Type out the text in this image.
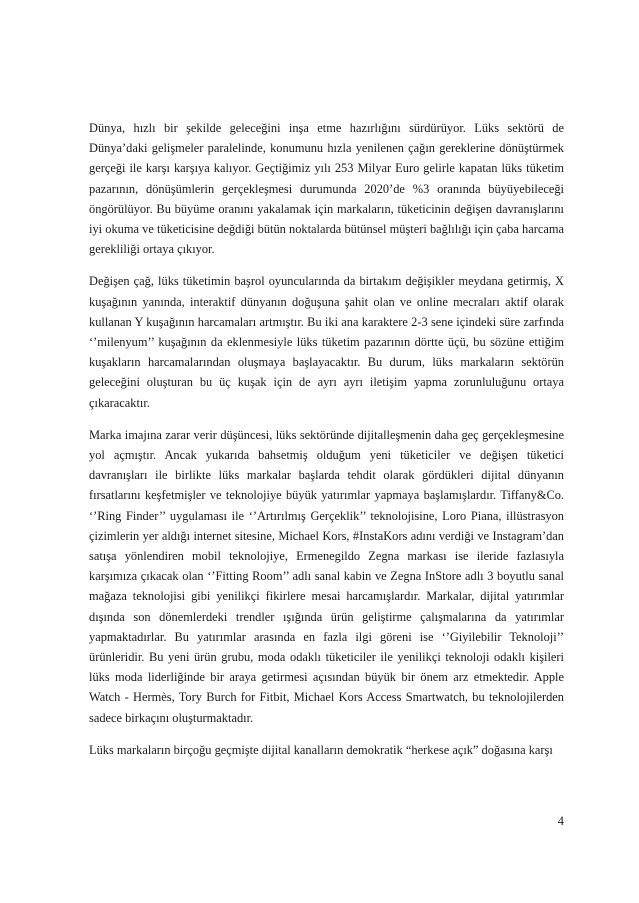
Dünya, hızlı bir şekilde geleceğini inşa etme hazırlığını sürdürüyor. Lüks sektörü de Dünya’daki gelişmeler paralelinde, konumunu hızla yenilenen çağın gereklerine dönüştürmek gerçeği ile karşı karşıya kalıyor. Geçtiğimiz yılı 253 Milyar Euro gelirle kapatan lüks tüketim pazarının, dönüşümlerin gerçekleşmesi durumunda 2020’de %3 oranında büyüyebileceği öngörülüyor. Bu büyüme oranını yakalamak için markaların, tüketicinin değişen davranışlarını iyi okuma ve tüketicisine değdiği bütün noktalarda bütünsel müşteri bağlılığı için çaba harcama gerekliliği ortaya çıkıyor.

Değişen çağ, lüks tüketimin başrol oyuncularında da birtakım değişikler meydana getirmiş, X kuşağının yanında, interaktif dünyanın doğuşuna şahit olan ve online mecraları aktif olarak kullanan Y kuşağının harcamaları artmıştır. Bu iki ana karaktere 2-3 sene içindeki süre zarfında ‘’milenyum’’ kuşağının da eklenmesiyle lüks tüketim pazarının dörtte üçü, bu sözüne ettiğim kuşakların harcamalarından oluşmaya başlayacaktır. Bu durum, lüks markaların sektörün geleceğini oluşturan bu üç kuşak için de ayrı ayrı iletişim yapma zorunluluğunu ortaya çıkaracaktır.

Marka imajına zarar verir düşüncesi, lüks sektöründe dijitalleşmenin daha geç gerçekleşmesine yol açmıştır. Ancak yukarıda bahsetmiş olduğum yeni tüketiciler ve değişen tüketici davranışları ile birlikte lüks markalar başlarda tehdit olarak gördükleri dijital dünyanın fırsatlarını keşfetmişler ve teknolojiye büyük yatırımlar yapmaya başlamışlardır. Tiffany&Co. ‘’Ring Finder’’ uygulaması ile ‘’Artırılmış Gerçeklik’’ teknolojisine, Loro Piana, illüstrasyon çizimlerin yer aldığı internet sitesine, Michael Kors, #InstaKors adını verdiği ve Instagram’dan satışa yönlendiren mobil teknolojiye, Ermenegildo Zegna markası ise ileride fazlasıyla karşımıza çıkacak olan ‘’Fitting Room’’ adlı sanal kabin ve Zegna InStore adlı 3 boyutlu sanal mağaza teknolojisi gibi yenilikçi fikirlere mesai harcamışlardır. Markalar, dijital yatırımlar dışında son dönemlerdeki trendler ışığında ürün geliştirme çalışmalarına da yatırımlar yapmaktadırlar. Bu yatırımlar arasında en fazla ilgi göreni ise ‘’Giyilebilir Teknoloji’’ ürünleridir. Bu yeni ürün grubu, moda odaklı tüketiciler ile yenilikçi teknoloji odaklı kişileri lüks moda liderliğinde bir araya getirmesi açısından büyük bir önem arz etmektedir. Apple Watch - Hermès, Tory Burch for Fitbit, Michael Kors Access Smartwatch, bu teknolojilerden sadece birkaçını oluşturmaktadır.

Lüks markaların birçoğu geçmişte dijital kanalların demokratik “herkese açık” doğasına karşı

4
